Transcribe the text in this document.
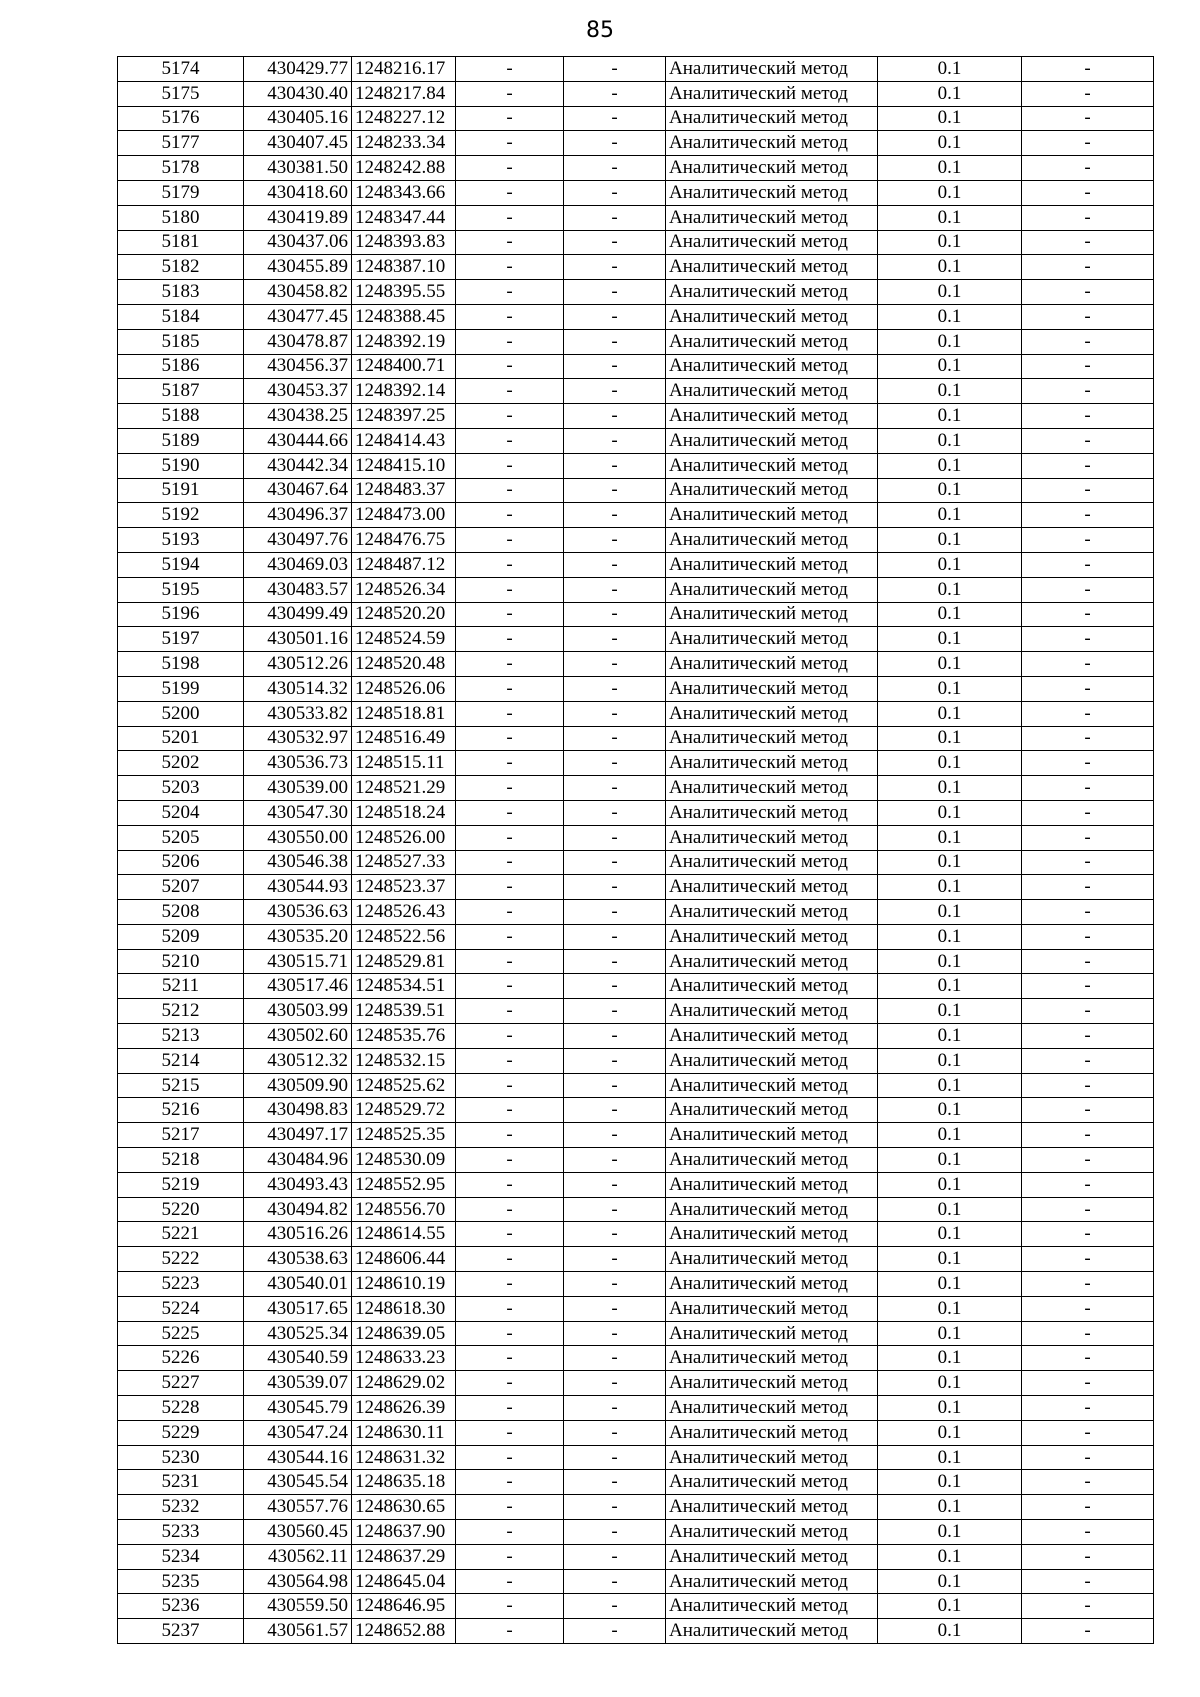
85
5174	430429.77	1248216.17	-	-	Аналитический метод	0.1	-
5175	430430.40	1248217.84	-	-	Аналитический метод	0.1	-
5176	430405.16	1248227.12	-	-	Аналитический метод	0.1	-
5177	430407.45	1248233.34	-	-	Аналитический метод	0.1	-
5178	430381.50	1248242.88	-	-	Аналитический метод	0.1	-
5179	430418.60	1248343.66	-	-	Аналитический метод	0.1	-
5180	430419.89	1248347.44	-	-	Аналитический метод	0.1	-
5181	430437.06	1248393.83	-	-	Аналитический метод	0.1	-
5182	430455.89	1248387.10	-	-	Аналитический метод	0.1	-
5183	430458.82	1248395.55	-	-	Аналитический метод	0.1	-
5184	430477.45	1248388.45	-	-	Аналитический метод	0.1	-
5185	430478.87	1248392.19	-	-	Аналитический метод	0.1	-
5186	430456.37	1248400.71	-	-	Аналитический метод	0.1	-
5187	430453.37	1248392.14	-	-	Аналитический метод	0.1	-
5188	430438.25	1248397.25	-	-	Аналитический метод	0.1	-
5189	430444.66	1248414.43	-	-	Аналитический метод	0.1	-
5190	430442.34	1248415.10	-	-	Аналитический метод	0.1	-
5191	430467.64	1248483.37	-	-	Аналитический метод	0.1	-
5192	430496.37	1248473.00	-	-	Аналитический метод	0.1	-
5193	430497.76	1248476.75	-	-	Аналитический метод	0.1	-
5194	430469.03	1248487.12	-	-	Аналитический метод	0.1	-
5195	430483.57	1248526.34	-	-	Аналитический метод	0.1	-
5196	430499.49	1248520.20	-	-	Аналитический метод	0.1	-
5197	430501.16	1248524.59	-	-	Аналитический метод	0.1	-
5198	430512.26	1248520.48	-	-	Аналитический метод	0.1	-
5199	430514.32	1248526.06	-	-	Аналитический метод	0.1	-
5200	430533.82	1248518.81	-	-	Аналитический метод	0.1	-
5201	430532.97	1248516.49	-	-	Аналитический метод	0.1	-
5202	430536.73	1248515.11	-	-	Аналитический метод	0.1	-
5203	430539.00	1248521.29	-	-	Аналитический метод	0.1	-
5204	430547.30	1248518.24	-	-	Аналитический метод	0.1	-
5205	430550.00	1248526.00	-	-	Аналитический метод	0.1	-
5206	430546.38	1248527.33	-	-	Аналитический метод	0.1	-
5207	430544.93	1248523.37	-	-	Аналитический метод	0.1	-
5208	430536.63	1248526.43	-	-	Аналитический метод	0.1	-
5209	430535.20	1248522.56	-	-	Аналитический метод	0.1	-
5210	430515.71	1248529.81	-	-	Аналитический метод	0.1	-
5211	430517.46	1248534.51	-	-	Аналитический метод	0.1	-
5212	430503.99	1248539.51	-	-	Аналитический метод	0.1	-
5213	430502.60	1248535.76	-	-	Аналитический метод	0.1	-
5214	430512.32	1248532.15	-	-	Аналитический метод	0.1	-
5215	430509.90	1248525.62	-	-	Аналитический метод	0.1	-
5216	430498.83	1248529.72	-	-	Аналитический метод	0.1	-
5217	430497.17	1248525.35	-	-	Аналитический метод	0.1	-
5218	430484.96	1248530.09	-	-	Аналитический метод	0.1	-
5219	430493.43	1248552.95	-	-	Аналитический метод	0.1	-
5220	430494.82	1248556.70	-	-	Аналитический метод	0.1	-
5221	430516.26	1248614.55	-	-	Аналитический метод	0.1	-
5222	430538.63	1248606.44	-	-	Аналитический метод	0.1	-
5223	430540.01	1248610.19	-	-	Аналитический метод	0.1	-
5224	430517.65	1248618.30	-	-	Аналитический метод	0.1	-
5225	430525.34	1248639.05	-	-	Аналитический метод	0.1	-
5226	430540.59	1248633.23	-	-	Аналитический метод	0.1	-
5227	430539.07	1248629.02	-	-	Аналитический метод	0.1	-
5228	430545.79	1248626.39	-	-	Аналитический метод	0.1	-
5229	430547.24	1248630.11	-	-	Аналитический метод	0.1	-
5230	430544.16	1248631.32	-	-	Аналитический метод	0.1	-
5231	430545.54	1248635.18	-	-	Аналитический метод	0.1	-
5232	430557.76	1248630.65	-	-	Аналитический метод	0.1	-
5233	430560.45	1248637.90	-	-	Аналитический метод	0.1	-
5234	430562.11	1248637.29	-	-	Аналитический метод	0.1	-
5235	430564.98	1248645.04	-	-	Аналитический метод	0.1	-
5236	430559.50	1248646.95	-	-	Аналитический метод	0.1	-
5237	430561.57	1248652.88	-	-	Аналитический метод	0.1	-
